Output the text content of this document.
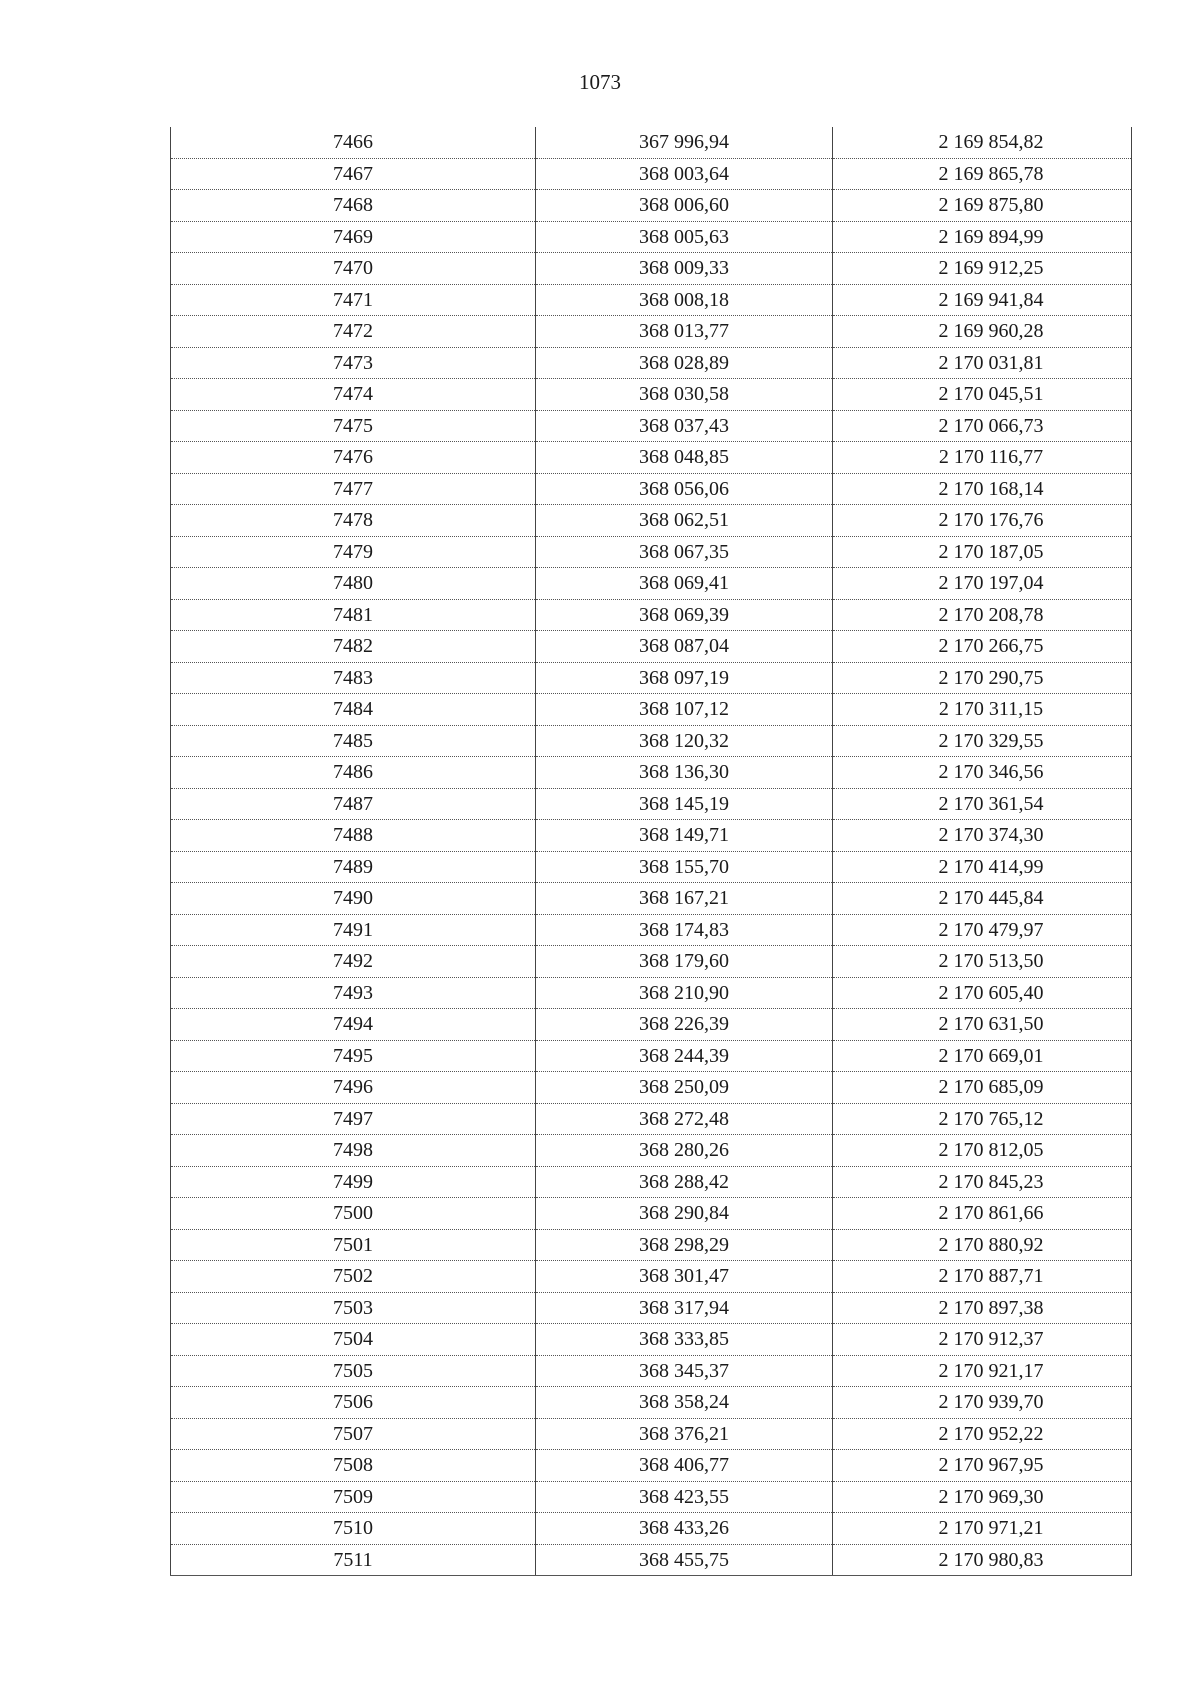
1073
7466	367 996,94	2 169 854,82
7467	368 003,64	2 169 865,78
7468	368 006,60	2 169 875,80
7469	368 005,63	2 169 894,99
7470	368 009,33	2 169 912,25
7471	368 008,18	2 169 941,84
7472	368 013,77	2 169 960,28
7473	368 028,89	2 170 031,81
7474	368 030,58	2 170 045,51
7475	368 037,43	2 170 066,73
7476	368 048,85	2 170 116,77
7477	368 056,06	2 170 168,14
7478	368 062,51	2 170 176,76
7479	368 067,35	2 170 187,05
7480	368 069,41	2 170 197,04
7481	368 069,39	2 170 208,78
7482	368 087,04	2 170 266,75
7483	368 097,19	2 170 290,75
7484	368 107,12	2 170 311,15
7485	368 120,32	2 170 329,55
7486	368 136,30	2 170 346,56
7487	368 145,19	2 170 361,54
7488	368 149,71	2 170 374,30
7489	368 155,70	2 170 414,99
7490	368 167,21	2 170 445,84
7491	368 174,83	2 170 479,97
7492	368 179,60	2 170 513,50
7493	368 210,90	2 170 605,40
7494	368 226,39	2 170 631,50
7495	368 244,39	2 170 669,01
7496	368 250,09	2 170 685,09
7497	368 272,48	2 170 765,12
7498	368 280,26	2 170 812,05
7499	368 288,42	2 170 845,23
7500	368 290,84	2 170 861,66
7501	368 298,29	2 170 880,92
7502	368 301,47	2 170 887,71
7503	368 317,94	2 170 897,38
7504	368 333,85	2 170 912,37
7505	368 345,37	2 170 921,17
7506	368 358,24	2 170 939,70
7507	368 376,21	2 170 952,22
7508	368 406,77	2 170 967,95
7509	368 423,55	2 170 969,30
7510	368 433,26	2 170 971,21
7511	368 455,75	2 170 980,83
